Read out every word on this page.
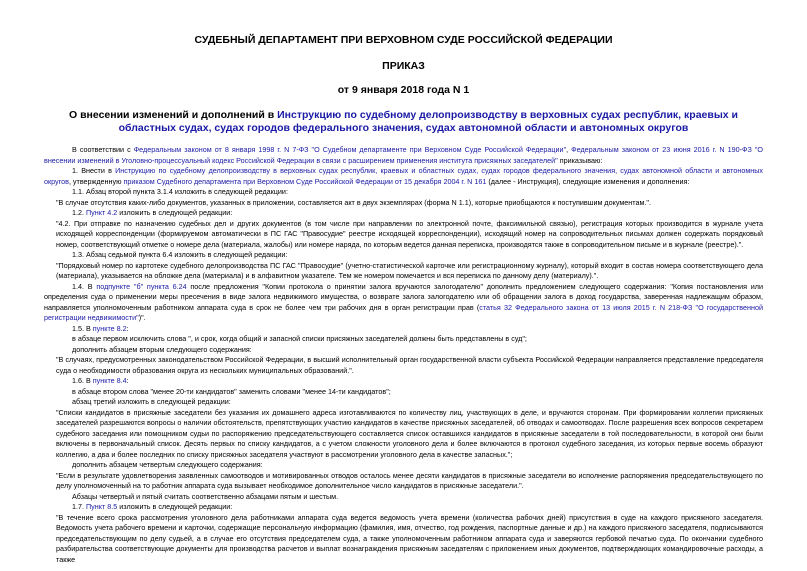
СУДЕБНЫЙ ДЕПАРТАМЕНТ ПРИ ВЕРХОВНОМ СУДЕ РОССИЙСКОЙ ФЕДЕРАЦИИ
ПРИКАЗ
от 9 января 2018 года N 1
О внесении изменений и дополнений в Инструкцию по судебному делопроизводству в верховных судах республик, краевых и областных судах, судах городов федерального значения, судах автономной области и автономных округов

В соответствии с Федеральным законом от 8 января 1998 г. N 7-ФЗ "О Судебном департаменте при Верховном Суде Российской Федерации", Федеральным законом от 23 июня 2016 г. N 190-ФЗ "О внесении изменений в Уголовно-процессуальный кодекс Российской Федерации в связи с расширением применения института присяжных заседателей" приказываю:

1. Внести в Инструкцию по судебному делопроизводству в верховных судах республик, краевых и областных судах, судах городов федерального значения, судах автономной области и автономных округов, утвержденную приказом Судебного департамента при Верховном Суде Российской Федерации от 15 декабря 2004 г. N 161 (далее - Инструкция), следующие изменения и дополнения:

1.1. Абзац второй пункта 3.1.4 изложить в следующей редакции:

"В случае отсутствия каких-либо документов, указанных в приложении, составляется акт в двух экземплярах (форма N 1.1), которые приобщаются к поступившим документам.".

1.2. Пункт 4.2 изложить в следующей редакции:

"4.2. При отправке по назначению судебных дел и других документов (в том числе при направлении по электронной почте, факсимильной связью), регистрация которых производится в журнале учета исходящей корреспонденции (формируемом автоматически в ПС ГАС "Правосудие" реестре исходящей корреспонденции), исходящий номер на сопроводительных письмах должен содержать порядковый номер, соответствующий отметке о номере дела (материала, жалобы) или номере наряда, по которым ведется данная переписка, производятся также в сопроводительном письме и в журнале (реестре).".

1.3. Абзац седьмой пункта 6.4 изложить в следующей редакции:

"Порядковый номер по картотеке судебного делопроизводства ПС ГАС "Правосудие" (учетно-статистической карточке или регистрационному журналу), который входит в состав номера соответствующего дела (материала), указывается на обложке дела (материала) и в алфавитном указателе. Тем же номером помечается и вся переписка по данному делу (материалу).".

1.4. В подпункте "б" пункта 6.24 после предложения "Копии протокола о принятии залога вручаются залогодателю" дополнить предложением следующего содержания: "Копия постановления или определения суда о применении меры пресечения в виде залога недвижимого имущества, о возврате залога залогодателю или об обращении залога в доход государства, заверенная надлежащим образом, направляется уполномоченным работником аппарата суда в срок не более чем три рабочих дня в орган регистрации прав (статья 32 Федерального закона от 13 июля 2015 г. N 218-ФЗ "О государственной регистрации недвижимости")".

1.5. В пункте 8.2:

в абзаце первом исключить слова ", и срок, когда общий и запасной списки присяжных заседателей должны быть представлены в суд";

дополнить абзацем вторым следующего содержания:

"В случаях, предусмотренных законодательством Российской Федерации, в высший исполнительный орган государственной власти субъекта Российской Федерации направляется представление председателя суда о необходимости образования округа из нескольких муниципальных образований.".

1.6. В пункте 8.4:

в абзаце втором слова "менее 20-ти кандидатов" заменить словами "менее 14-ти кандидатов";

абзац третий изложить в следующей редакции:

"Списки кандидатов в присяжные заседатели без указания их домашнего адреса изготавливаются по количеству лиц, участвующих в деле, и вручаются сторонам. При формировании коллегии присяжных заседателей разрешаются вопросы о наличии обстоятельств, препятствующих участию кандидатов в качестве присяжных заседателей, об отводах и самоотводах. После разрешения всех вопросов секретарем судебного заседания или помощником судьи по распоряжению председательствующего составляется список оставшихся кандидатов в присяжные заседатели в той последовательности, в которой они были включены в первоначальный список. Десять первых по списку кандидатов, а с учетом сложности уголовного дела и более включаются в протокол судебного заседания, из которых первые восемь образуют коллегию, а два и более последних по списку присяжных заседателя участвуют в рассмотрении уголовного дела в качестве запасных.";

дополнить абзацем четвертым следующего содержания:

"Если в результате удовлетворения заявленных самоотводов и мотивированных отводов осталось менее десяти кандидатов в присяжные заседатели во исполнение распоряжения председательствующего по делу уполномоченный на то работник аппарата суда вызывает необходимое дополнительное число кандидатов в присяжные заседатели.".

Абзацы четвертый и пятый считать соответственно абзацами пятым и шестым.

1.7. Пункт 8.5 изложить в следующей редакции:

"В течение всего срока рассмотрения уголовного дела работниками аппарата суда ведется ведомость учета времени (количества рабочих дней) присутствия в суде на каждого присяжного заседателя. Ведомость учета рабочего времени и карточки, содержащие персональную информацию (фамилия, имя, отчество, год рождения, паспортные данные и др.) на каждого присяжного заседателя, подписываются председательствующим по делу судьей, а в случае его отсутствия председателем суда, а также уполномоченным работником аппарата суда и заверяются гербовой печатью суда. По окончании судебного разбирательства соответствующие документы для производства расчетов и выплат вознаграждения присяжным заседателям с приложением иных документов, подтверждающих командировочные расходы, а также
